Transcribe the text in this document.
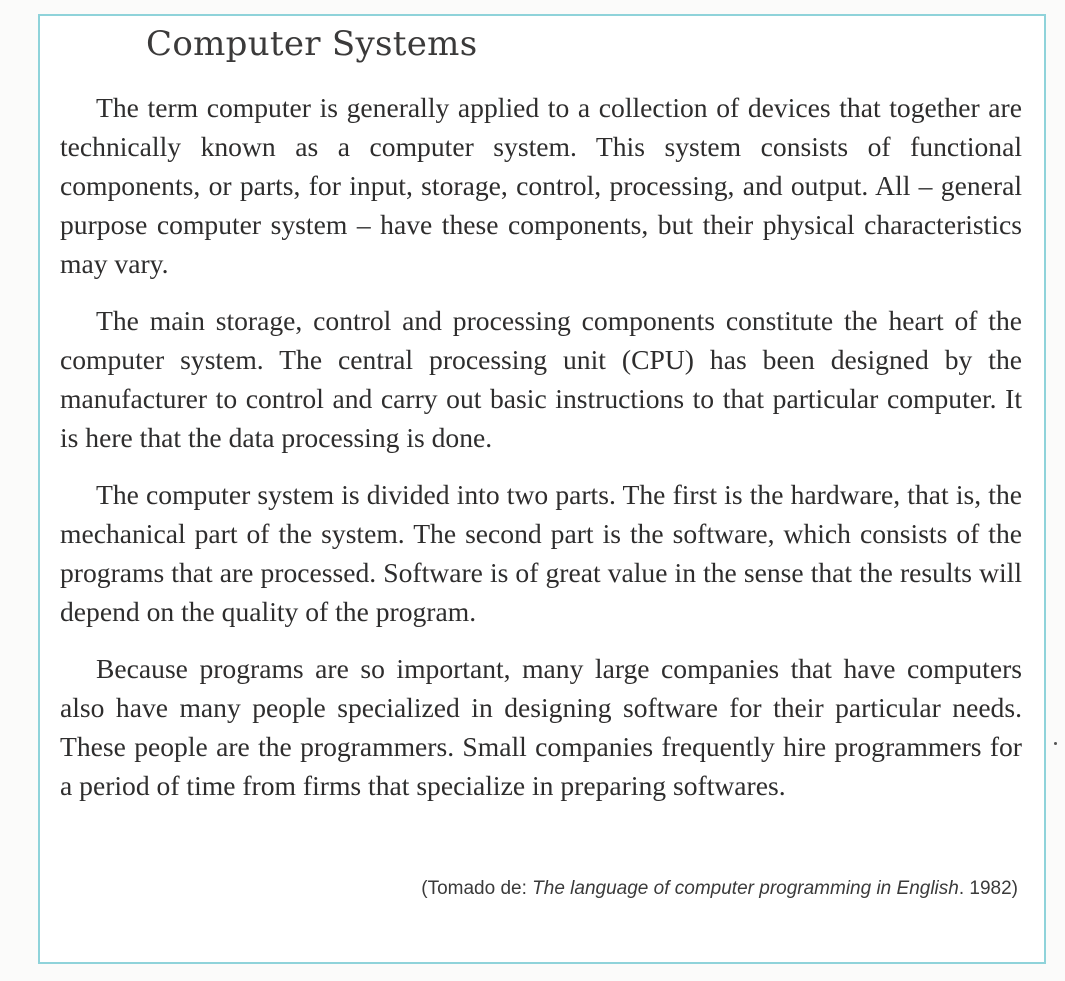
Computer Systems

The term computer is generally applied to a collection of devices that together are technically known as a computer system. This system consists of functional components, or parts, for input, storage, control, processing, and output. All – general purpose computer system – have these components, but their physical characteristics may vary.

The main storage, control and processing components constitute the heart of the computer system. The central processing unit (CPU) has been designed by the manufacturer to control and carry out basic instructions to that particular computer. It is here that the data processing is done.

The computer system is divided into two parts. The first is the hardware, that is, the mechanical part of the system. The second part is the software, which consists of the programs that are processed. Software is of great value in the sense that the results will depend on the quality of the program.

Because programs are so important, many large companies that have computers also have many people specialized in designing software for their particular needs. These people are the programmers. Small companies frequently hire programmers for a period of time from firms that specialize in preparing softwares.

(Tomado de: The language of computer programming in English. 1982)
